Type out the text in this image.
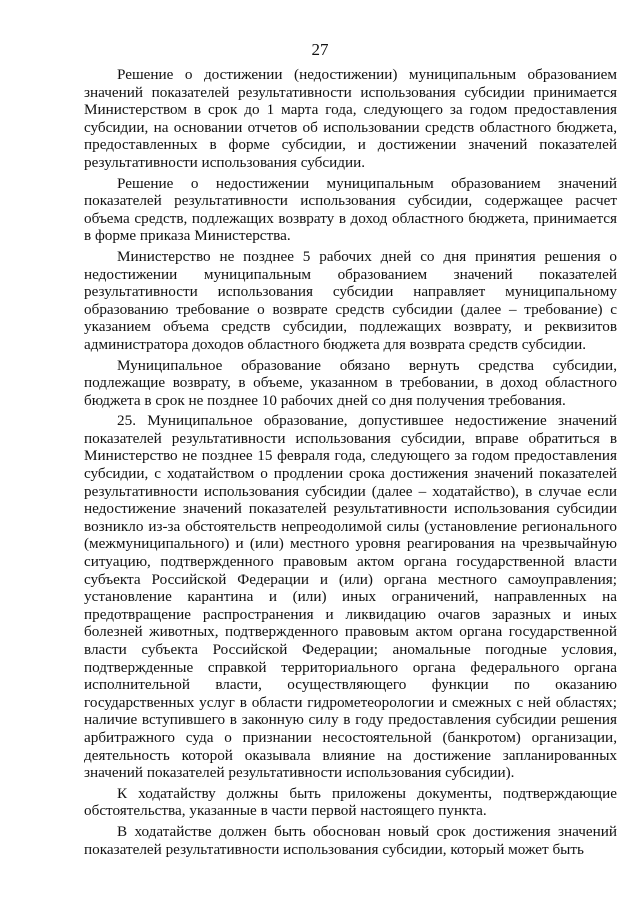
27

Решение о достижении (недостижении) муниципальным образованием значений показателей результативности использования субсидии принимается Министерством в срок до 1 марта года, следующего за годом предоставления субсидии, на основании отчетов об использовании средств областного бюджета, предоставленных в форме субсидии, и достижении значений показателей результативности использования субсидии.

Решение о недостижении муниципальным образованием значений показателей результативности использования субсидии, содержащее расчет объема средств, подлежащих возврату в доход областного бюджета, принимается в форме приказа Министерства.

Министерство не позднее 5 рабочих дней со дня принятия решения о недостижении муниципальным образованием значений показателей результативности использования субсидии направляет муниципальному образованию требование о возврате средств субсидии (далее – требование) с указанием объема средств субсидии, подлежащих возврату, и реквизитов администратора доходов областного бюджета для возврата средств субсидии.

Муниципальное образование обязано вернуть средства субсидии, подлежащие возврату, в объеме, указанном в требовании, в доход областного бюджета в срок не позднее 10 рабочих дней со дня получения требования.

25. Муниципальное образование, допустившее недостижение значений показателей результативности использования субсидии, вправе обратиться в Министерство не позднее 15 февраля года, следующего за годом предоставления субсидии, с ходатайством о продлении срока достижения значений показателей результативности использования субсидии (далее – ходатайство), в случае если недостижение значений показателей результативности использования субсидии возникло из-за обстоятельств непреодолимой силы (установление регионального (межмуниципального) и (или) местного уровня реагирования на чрезвычайную ситуацию, подтвержденного правовым актом органа государственной власти субъекта Российской Федерации и (или) органа местного самоуправления; установление карантина и (или) иных ограничений, направленных на предотвращение распространения и ликвидацию очагов заразных и иных болезней животных, подтвержденного правовым актом органа государственной власти субъекта Российской Федерации; аномальные погодные условия, подтвержденные справкой территориального органа федерального органа исполнительной власти, осуществляющего функции по оказанию государственных услуг в области гидрометеорологии и смежных с ней областях; наличие вступившего в законную силу в году предоставления субсидии решения арбитражного суда о признании несостоятельной (банкротом) организации, деятельность которой оказывала влияние на достижение запланированных значений показателей результативности использования субсидии).

К ходатайству должны быть приложены документы, подтверждающие обстоятельства, указанные в части первой настоящего пункта.

В ходатайстве должен быть обоснован новый срок достижения значений показателей результативности использования субсидии, который может быть
